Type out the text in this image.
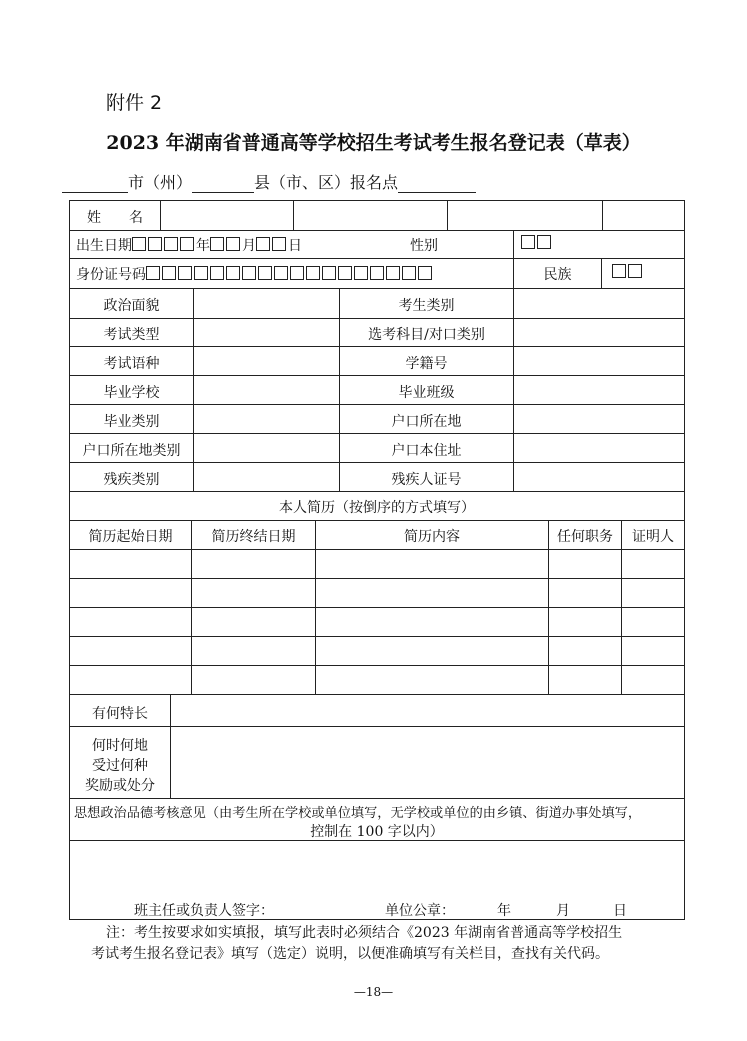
附件 2
2023 年湖南省普通高等学校招生考试考生报名登记表（草表）
市（州）	县（市、区）报名点
姓　　名
出生日期	年 月 日	性别
身份证号码	民族
政治面貌	考生类别
考试类型	选考科目/对口类别
考试语种	学籍号
毕业学校	毕业班级
毕业类别	户口所在地
户口所在地类别	户口本住址
残疾类别	残疾人证号
本人简历（按倒序的方式填写）
简历起始日期	简历终结日期	简历内容	任何职务	证明人
有何特长
何时何地
受过何种
奖励或处分
思想政治品德考核意见（由考生所在学校或单位填写，无学校或单位的由乡镇、街道办事处填写，
控制在 100 字以内）
班主任或负责人签字：	单位公章：	年	月	日
注：考生按要求如实填报，填写此表时必须结合《2023 年湖南省普通高等学校招生
考试考生报名登记表》填写（选定）说明，以便准确填写有关栏目，查找有关代码。
—18—
